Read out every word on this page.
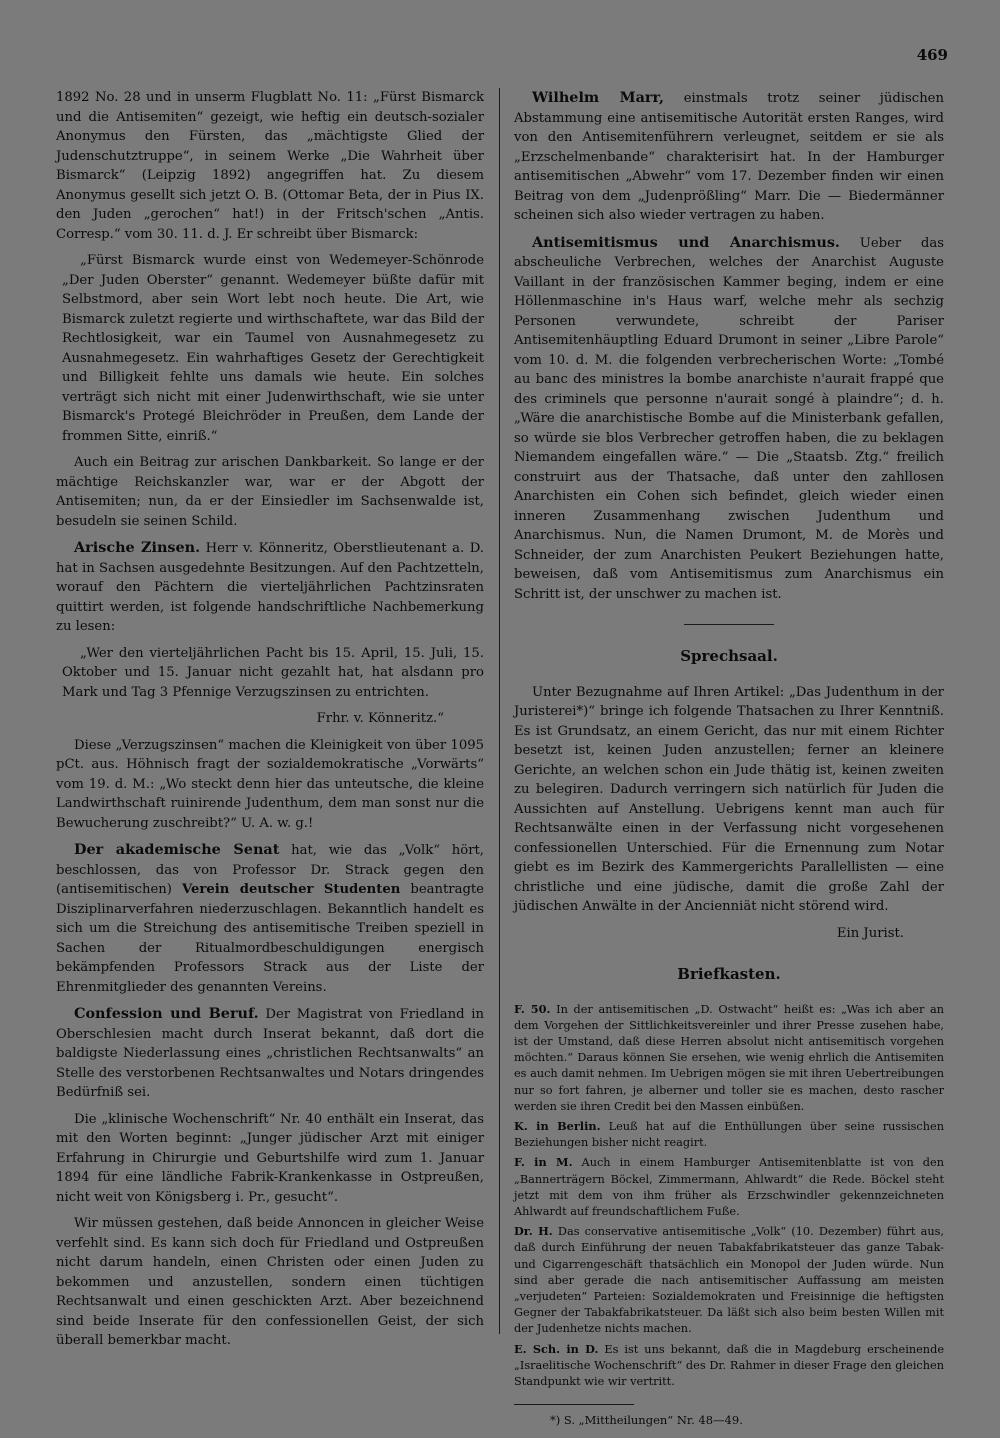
469

1892 No. 28 und in unserm Flugblatt No. 11: „Fürst Bismarck und die Antisemiten“ gezeigt, wie heftig ein deutsch-sozialer Anonymus den Fürsten, das „mächtigste Glied der Judenschutztruppe“, in seinem Werke „Die Wahrheit über Bismarck“ (Leipzig 1892) angegriffen hat. Zu diesem Anonymus gesellt sich jetzt O. B. (Ottomar Beta, der in Pius IX. den Juden „gerochen“ hat!) in der Fritsch'schen „Antis. Corresp.“ vom 30. 11. d. J. Er schreibt über Bismarck:

„Fürst Bismarck wurde einst von Wedemeyer-Schönrode „Der Juden Oberster“ genannt. Wedemeyer büßte dafür mit Selbstmord, aber sein Wort lebt noch heute. Die Art, wie Bismarck zuletzt regierte und wirthschaftete, war das Bild der Rechtlosigkeit, war ein Taumel von Ausnahmegesetz zu Ausnahmegesetz. Ein wahrhaftiges Gesetz der Gerechtigkeit und Billigkeit fehlte uns damals wie heute. Ein solches verträgt sich nicht mit einer Judenwirthschaft, wie sie unter Bismarck's Protegé Bleichröder in Preußen, dem Lande der frommen Sitte, einriß.“

Auch ein Beitrag zur arischen Dankbarkeit. So lange er der mächtige Reichskanzler war, war er der Abgott der Antisemiten; nun, da er der Einsiedler im Sachsenwalde ist, besudeln sie seinen Schild.

Arische Zinsen. Herr v. Könneritz, Oberstlieutenant a. D. hat in Sachsen ausgedehnte Besitzungen. Auf den Pachtzetteln, worauf den Pächtern die vierteljährlichen Pachtzinsraten quittirt werden, ist folgende handschriftliche Nachbemerkung zu lesen:

„Wer den vierteljährlichen Pacht bis 15. April, 15. Juli, 15. Oktober und 15. Januar nicht gezahlt hat, hat alsdann pro Mark und Tag 3 Pfennige Verzugszinsen zu entrichten.

Frhr. v. Könneritz.“

Diese „Verzugszinsen“ machen die Kleinigkeit von über 1095 pCt. aus. Höhnisch fragt der sozialdemokratische „Vorwärts“ vom 19. d. M.: „Wo steckt denn hier das unteutsche, die kleine Landwirthschaft ruinirende Judenthum, dem man sonst nur die Bewucherung zuschreibt?“ U. A. w. g.!

Der akademische Senat hat, wie das „Volk“ hört, beschlossen, das von Professor Dr. Strack gegen den (antisemitischen) Verein deutscher Studenten beantragte Disziplinarverfahren niederzuschlagen. Bekanntlich handelt es sich um die Streichung des antisemitische Treiben speziell in Sachen der Ritualmordbeschuldigungen energisch bekämpfenden Professors Strack aus der Liste der Ehrenmitglieder des genannten Vereins.

Confession und Beruf. Der Magistrat von Friedland in Oberschlesien macht durch Inserat bekannt, daß dort die baldigste Niederlassung eines „christlichen Rechtsanwalts“ an Stelle des verstorbenen Rechtsanwaltes und Notars dringendes Bedürfniß sei.

Die „klinische Wochenschrift“ Nr. 40 enthält ein Inserat, das mit den Worten beginnt: „Junger jüdischer Arzt mit einiger Erfahrung in Chirurgie und Geburtshilfe wird zum 1. Januar 1894 für eine ländliche Fabrik-Krankenkasse in Ostpreußen, nicht weit von Königsberg i. Pr., gesucht“.

Wir müssen gestehen, daß beide Annoncen in gleicher Weise verfehlt sind. Es kann sich doch für Friedland und Ostpreußen nicht darum handeln, einen Christen oder einen Juden zu bekommen und anzustellen, sondern einen tüchtigen Rechtsanwalt und einen geschickten Arzt. Aber bezeichnend sind beide Inserate für den confessionellen Geist, der sich überall bemerkbar macht.

Wilhelm Marr, einstmals trotz seiner jüdischen Abstammung eine antisemitische Autorität ersten Ranges, wird von den Antisemitenführern verleugnet, seitdem er sie als „Erzschelmenbande“ charakterisirt hat. In der Hamburger antisemitischen „Abwehr“ vom 17. Dezember finden wir einen Beitrag von dem „Judenprößling“ Marr. Die — Biedermänner scheinen sich also wieder vertragen zu haben.

Antisemitismus und Anarchismus. Ueber das abscheuliche Verbrechen, welches der Anarchist Auguste Vaillant in der französischen Kammer beging, indem er eine Höllenmaschine in's Haus warf, welche mehr als sechzig Personen verwundete, schreibt der Pariser Antisemitenhäuptling Eduard Drumont in seiner „Libre Parole“ vom 10. d. M. die folgenden verbrecherischen Worte: „Tombé au banc des ministres la bombe anarchiste n'aurait frappé que des criminels que personne n'aurait songé à plaindre“; d. h. „Wäre die anarchistische Bombe auf die Ministerbank gefallen, so würde sie blos Verbrecher getroffen haben, die zu beklagen Niemandem eingefallen wäre.“ — Die „Staatsb. Ztg.“ freilich construirt aus der Thatsache, daß unter den zahllosen Anarchisten ein Cohen sich befindet, gleich wieder einen inneren Zusammenhang zwischen Judenthum und Anarchismus. Nun, die Namen Drumont, M. de Morès und Schneider, der zum Anarchisten Peukert Beziehungen hatte, beweisen, daß vom Antisemitismus zum Anarchismus ein Schritt ist, der unschwer zu machen ist.

Sprechsaal.

Unter Bezugnahme auf Ihren Artikel: „Das Judenthum in der Juristerei*)“ bringe ich folgende Thatsachen zu Ihrer Kenntniß. Es ist Grundsatz, an einem Gericht, das nur mit einem Richter besetzt ist, keinen Juden anzustellen; ferner an kleinere Gerichte, an welchen schon ein Jude thätig ist, keinen zweiten zu belegiren. Dadurch verringern sich natürlich für Juden die Aussichten auf Anstellung. Uebrigens kennt man auch für Rechtsanwälte einen in der Verfassung nicht vorgesehenen confessionellen Unterschied. Für die Ernennung zum Notar giebt es im Bezirk des Kammergerichts Parallellisten — eine christliche und eine jüdische, damit die große Zahl der jüdischen Anwälte in der Ancienniät nicht störend wird.

Ein Jurist.

Briefkasten.

F. 50. In der antisemitischen „D. Ostwacht“ heißt es: „Was ich aber an dem Vorgehen der Sittlichkeitsvereinler und ihrer Presse zusehen habe, ist der Umstand, daß diese Herren absolut nicht antisemitisch vorgehen möchten.“ Daraus können Sie ersehen, wie wenig ehrlich die Antisemiten es auch damit nehmen. Im Uebrigen mögen sie mit ihren Uebertreibungen nur so fort fahren, je alberner und toller sie es machen, desto rascher werden sie ihren Credit bei den Massen einbüßen.

K. in Berlin. Leuß hat auf die Enthüllungen über seine russischen Beziehungen bisher nicht reagirt.

F. in M. Auch in einem Hamburger Antisemitenblatte ist von den „Bannerträgern Böckel, Zimmermann, Ahlwardt“ die Rede. Böckel steht jetzt mit dem von ihm früher als Erzschwindler gekennzeichneten Ahlwardt auf freundschaftlichem Fuße.

Dr. H. Das conservative antisemitische „Volk“ (10. Dezember) führt aus, daß durch Einführung der neuen Tabakfabrikatsteuer das ganze Tabak- und Cigarrengeschäft thatsächlich ein Monopol der Juden würde. Nun sind aber gerade die nach antisemitischer Auffassung am meisten „verjudeten“ Parteien: Sozialdemokraten und Freisinnige die heftigsten Gegner der Tabakfabrikatsteuer. Da läßt sich also beim besten Willen mit der Judenhetze nichts machen.

E. Sch. in D. Es ist uns bekannt, daß die in Magdeburg erscheinende „Israelitische Wochenschrift“ des Dr. Rahmer in dieser Frage den gleichen Standpunkt wie wir vertritt.

*) S. „Mittheilungen“ Nr. 48—49.
